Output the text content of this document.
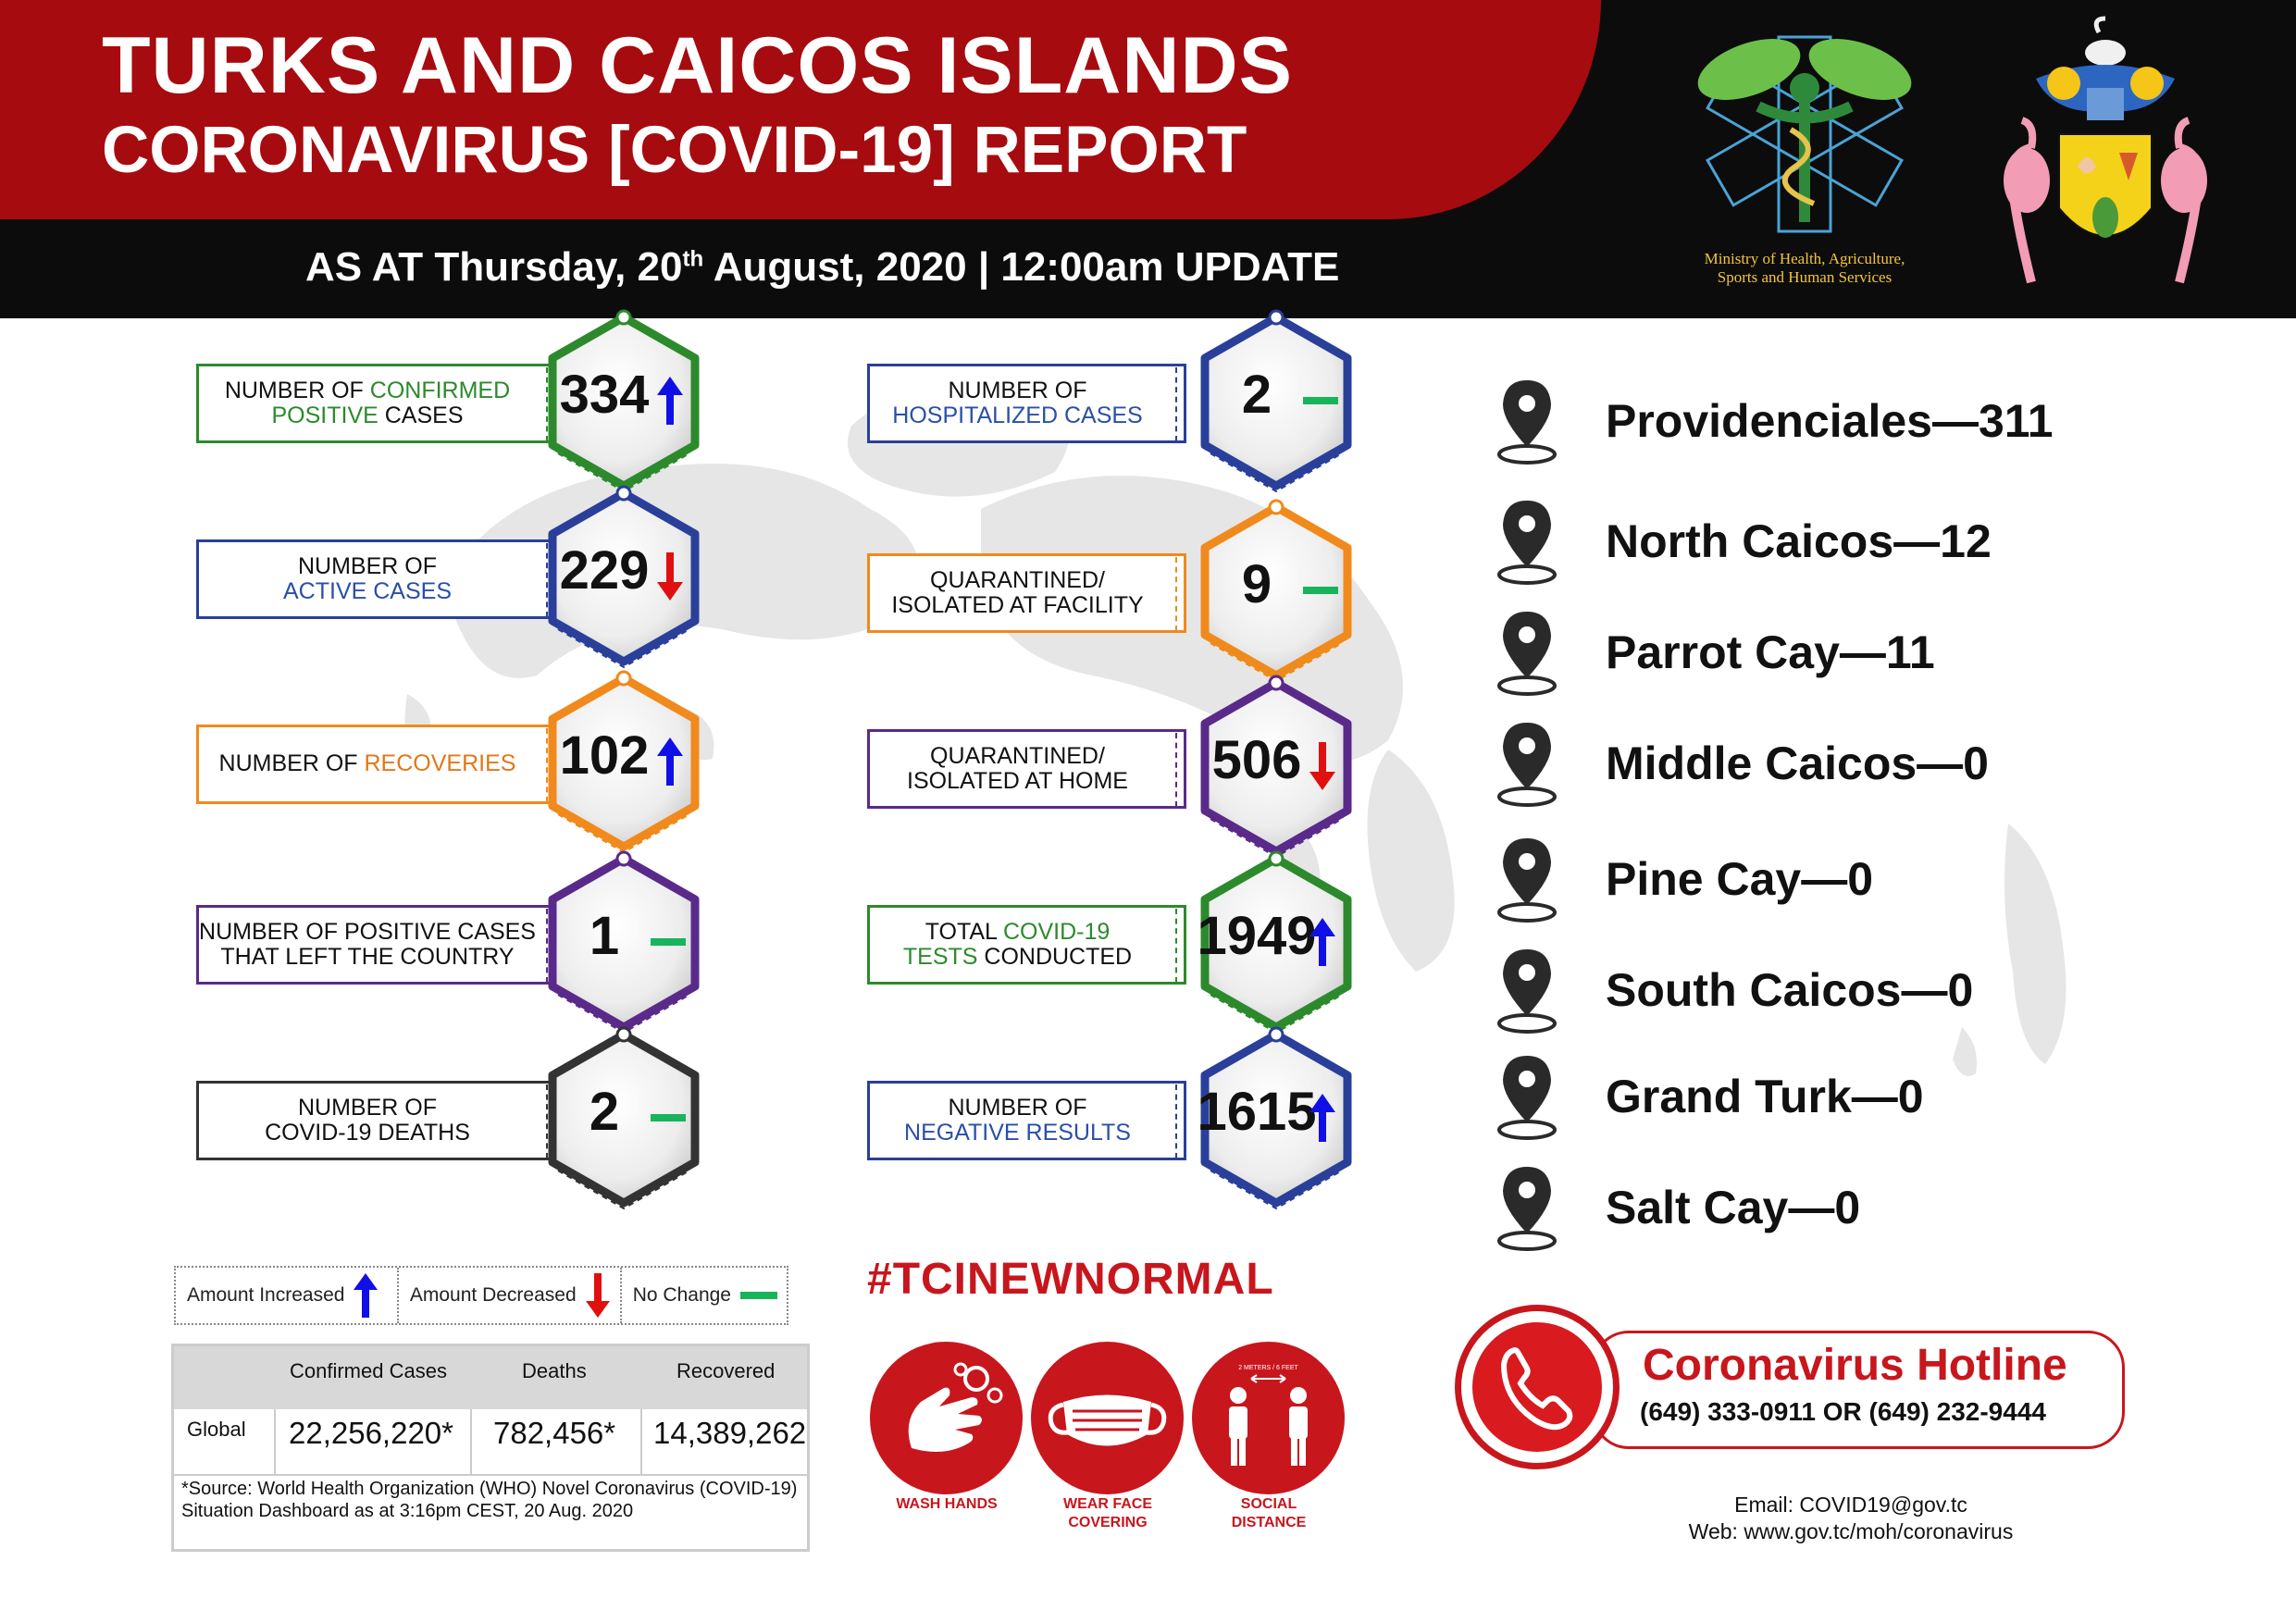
TURKS AND CAICOS ISLANDS
CORONAVIRUS [COVID-19] REPORT
AS AT Thursday, 20th August, 2020 | 12:00am UPDATE	Ministry of Health, Agriculture,
Sports and Human Services
NUMBER OF CONFIRMED
POSITIVE CASES	334
NUMBER OF
ACTIVE CASES	229
NUMBER OF RECOVERIES 102
NUMBER OF POSITIVE CASES
THAT LEFT THE COUNTRY	1
NUMBER OF
COVID-19 DEATHS	2
NUMBER OF
HOSPITALIZED CASES	2
QUARANTINED/
ISOLATED AT FACILITY	9
QUARANTINED/
ISOLATED AT HOME	506
TOTAL COVID-19
TESTS CONDUCTED 1949
NUMBER OF
NEGATIVE RESULTS 1615
Providenciales—311
North Caicos—12
Parrot Cay—11
Middle Caicos—0
Pine Cay—0
South Caicos—0
Grand Turk—0
Salt Cay—0
Amount Increased	Amount Decreased	No Change
Confirmed Cases	Deaths	Recovered
Global 22,256,220* 782,456* 14,389,262
*Source: World Health Organization (WHO) Novel Coronavirus (COVID-19) Situation Dashboard as at 3:16pm CEST, 20 Aug. 2020
#TCINEWNORMAL
2 METERS / 6 FEET
WASH HANDS	WEAR FACE
COVERING
SOCIAL
DISTANCE
Coronavirus Hotline
(649) 333-0911 OR (649) 232-9444
Email: COVID19@gov.tc
Web: www.gov.tc/moh/coronavirus
